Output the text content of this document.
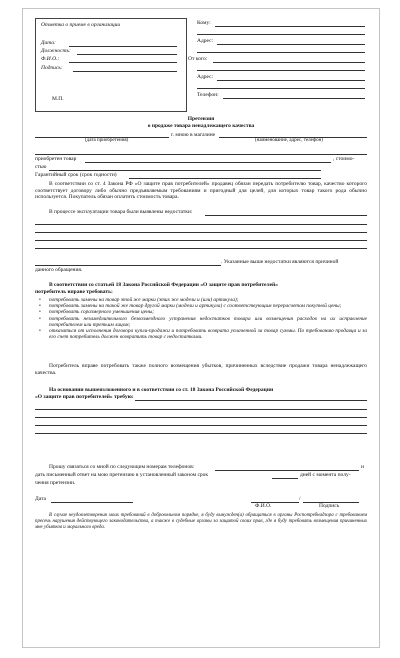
Отметка о приеме в организации
Дата:
Должность:
Ф.И.О.:
Подпись:
М.П.
Кому:
Адрес:
От кого:
Адрес:
Телефон:
Претензия
о продаже товара ненадлежащего качества
г. мною в магазине
(дата приобретения)	(наименование, адрес, телефон)
приобретен товар	, стоимо-
стью
Гарантийный срок (срок годности)
В соответствии со ст. 4 Закона РФ «О защите прав потребителей» продавец обязан передать потребителю товар, качество которого соответствует договору либо обычно предъявляемым требованиям и пригодный для целей, для которых товар такого рода обычно используется. Покупатель обязан оплатить стоимость товара.
В процессе эксплуатации товара были выявлены недостатки:
. Указанные выше недостатки являются причиной
данного обращения.
В соответствии со статьей 18 Закона Российской Федерации «О защите прав потребителей»
потребитель вправе требовать:
• потребовать замены на товар этой же марки (этих же модели и (или) артикула);
• потребовать замены на такой же товар другой марки (модели и артикула) с соответствующим перерасчетом покупной цены;
• потребовать соразмерного уменьшения цены;
• потребовать незамедлительного безвозмездного устранения недостатков товара или возмещения расходов на их исправление потребителем или третьим лицом;
• отказаться от исполнения договора купли-продажи и потребовать возврата уплаченной за товар суммы. По требованию продавца и за его счет потребитель должен возвратить товар с недостатками.
Потребитель вправе потребовать также полного возмещения убытков, причиненных вследствие продажи товара ненадлежащего качества.
На основании вышеизложенного и в соответствии со ст. 18 Закона Российской Федерации
«О защите прав потребителей» требую:
Прошу связаться со мной по следующим номерам телефонов:	и
дать письменный ответ на мою претензию в установленный законом срок	дней с момента полу-
чения претензии.
Дата	/
Ф.И.О.	Подпись
В случае неудовлетворения моих требований в добровольном порядке, я буду вынужден(а) обращаться в органы Роспотребнадзора с требованием пресечь нарушения действующего законодательства, а также в судебные органы за защитой своих прав, где я буду требовать возмещения причиненных мне убытков и морального вреда.
